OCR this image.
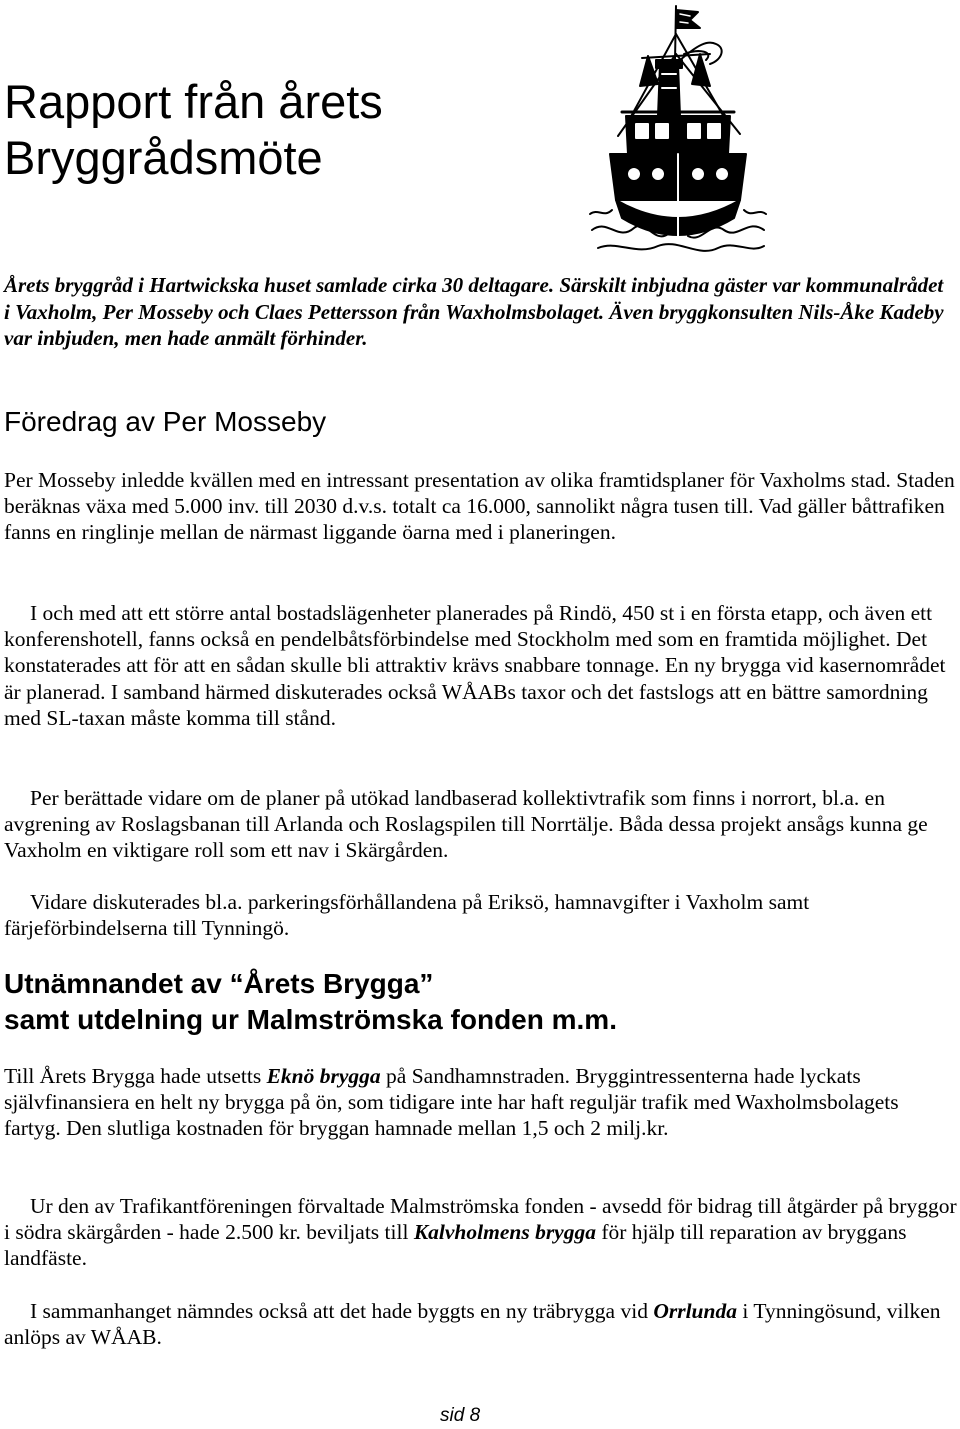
Rapport från årets
Bryggrådsmöte

Årets bryggråd i Hartwickska huset samlade cirka 30 deltagare. Särskilt inbjudna gäster var kommunalrådet i Vaxholm, Per Mosseby och Claes Pettersson från Waxholmsbolaget. Även bryggkonsulten Nils-Åke Kadeby var inbjuden, men hade anmält förhinder.

Föredrag av Per Mosseby

Per Mosseby inledde kvällen med en intressant presentation av olika framtidsplaner för Vaxholms stad. Staden beräknas växa med 5.000 inv. till 2030 d.v.s. totalt ca 16.000, sannolikt några tusen till. Vad gäller båttrafiken fanns en ringlinje mellan de närmast liggande öarna med i planeringen.

I och med att ett större antal bostadslägenheter planerades på Rindö, 450 st i en första etapp, och även ett konferenshotell, fanns också en pendelbåtsförbindelse med Stockholm med som en framtida möjlighet. Det konstaterades att för att en sådan skulle bli attraktiv krävs snabbare tonnage. En ny brygga vid kasernområdet är planerad. I samband härmed diskuterades också WÅABs taxor och det fastslogs att en bättre samordning med SL-taxan måste komma till stånd.

Per berättade vidare om de planer på utökad landbaserad kollektivtrafik som finns i norrort, bl.a. en avgrening av Roslagsbanan till Arlanda och Roslagspilen till Norrtälje. Båda dessa projekt ansågs kunna ge Vaxholm en viktigare roll som ett nav i Skärgården.

Vidare diskuterades bl.a. parkeringsförhållandena på Eriksö, hamnavgifter i Vaxholm samt färjeförbindelserna till Tynningö.

Utnämnandet av “Årets Brygga”
samt utdelning ur Malmströmska fonden m.m.

Till Årets Brygga hade utsetts Eknö brygga på Sandhamnstraden. Bryggintressenterna hade lyckats självfinansiera en helt ny brygga på ön, som tidigare inte har haft reguljär trafik med Waxholmsbolagets fartyg. Den slutliga kostnaden för bryggan hamnade mellan 1,5 och 2 milj.kr.

Ur den av Trafikantföreningen förvaltade Malmströmska fonden - avsedd för bidrag till åtgärder på bryggor i södra skärgården - hade 2.500 kr. beviljats till Kalvholmens brygga för hjälp till reparation av bryggans landfäste.

I sammanhanget nämndes också att det hade byggts en ny träbrygga vid Orrlunda i Tynningösund, vilken anlöps av WÅAB.

sid 8
